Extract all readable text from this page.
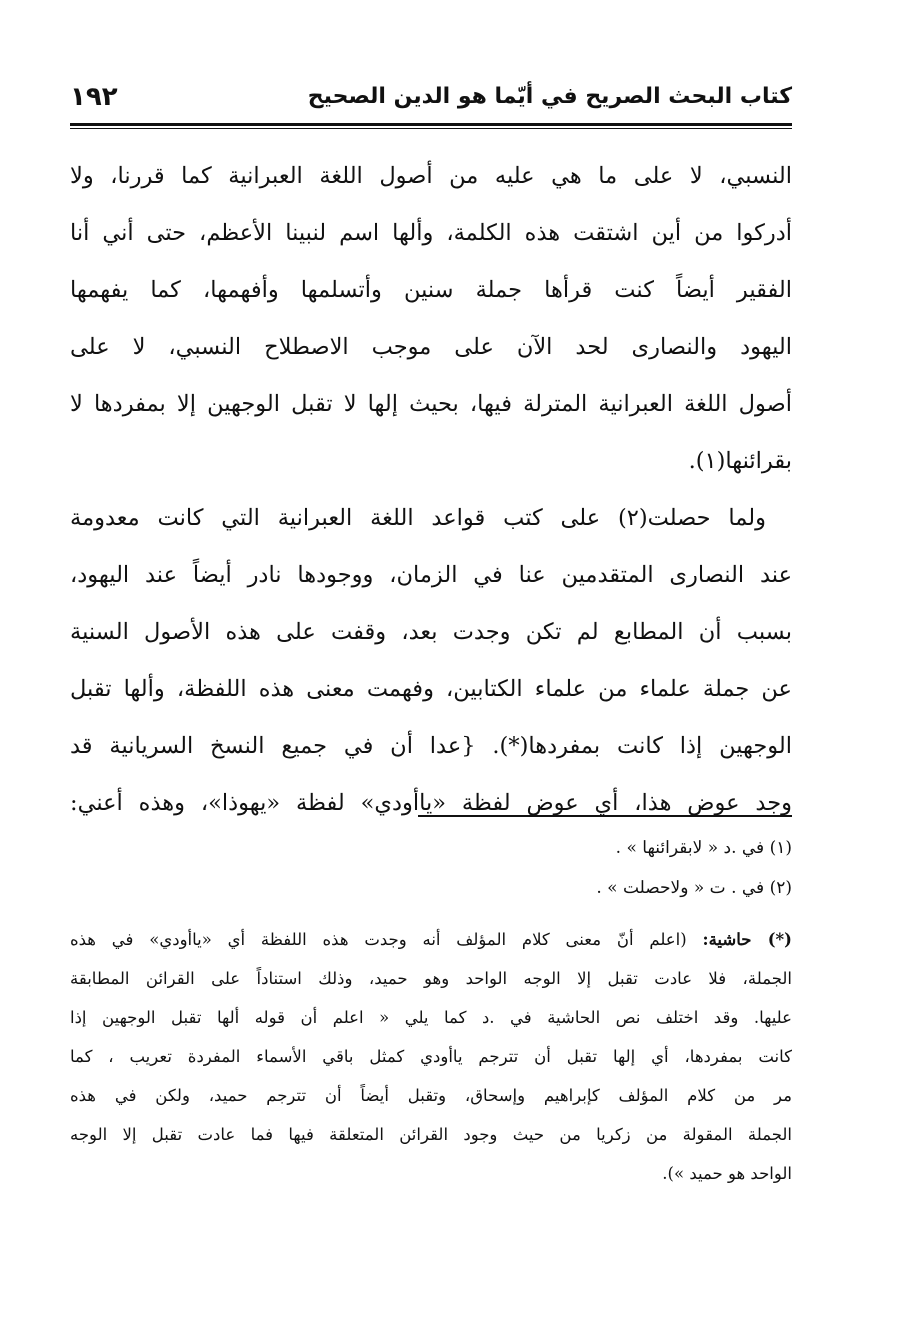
كتاب البحث الصريح في أيّما هو الدين الصحيح
١٩٢
النسبي، لا على ما هي عليه من أصول اللغة العبرانية كما قررنا، ولا
أدركوا من أين اشتقت هذه الكلمة، وألها اسم لنبينا الأعظم، حتى أني أنا
الفقير أيضاً كنت قرأها جملة سنين وأتسلمها وأفهمها، كما يفهمها
اليهود والنصارى لحد الآن على موجب الاصطلاح النسبي، لا على
أصول اللغة العبرانية المترلة فيها، بحيث إلها لا تقبل الوجهين إلا بمفردها لا
بقرائنها(١).
ولما حصلت(٢) على كتب قواعد اللغة العبرانية التي كانت معدومة
عند النصارى المتقدمين عنا في الزمان، ووجودها نادر أيضاً عند اليهود،
بسبب أن المطابع لم تكن وجدت بعد، وقفت على هذه الأصول السنية
عن جملة علماء من علماء الكتابين، وفهمت معنى هذه اللفظة، وألها تقبل
الوجهين إذا كانت بمفردها(*). {عدا أن في جميع النسخ السريانية قد
وجد عوض هذا، أي عوض لفظة «ياأودي» لفظة «يهوذا»، وهذه أعني:
(١) في .د « لابقرائنها » .
(٢) في . ت « ولاحصلت » .
(*) حاشية: (اعلم أنّ معنى كلام المؤلف أنه وجدت هذه اللفظة أي «ياأودي» في هذه
الجملة، فلا عادت تقبل إلا الوجه الواحد وهو حميد، وذلك استناداً على القرائن المطابقة
عليها. وقد اختلف نص الحاشية في .د كما يلي « اعلم أن قوله ألها تقبل الوجهين إذا
كانت بمفردها، أي إلها تقبل أن تترجم ياأودي كمثل باقي الأسماء المفردة تعريب ، كما
مر من كلام المؤلف كإبراهيم وإسحاق، وتقبل أيضاً أن تترجم حميد، ولكن في هذه
الجملة المقولة من زكريا من حيث وجود القرائن المتعلقة فيها فما عادت تقبل إلا الوجه
الواحد هو حميد »).
